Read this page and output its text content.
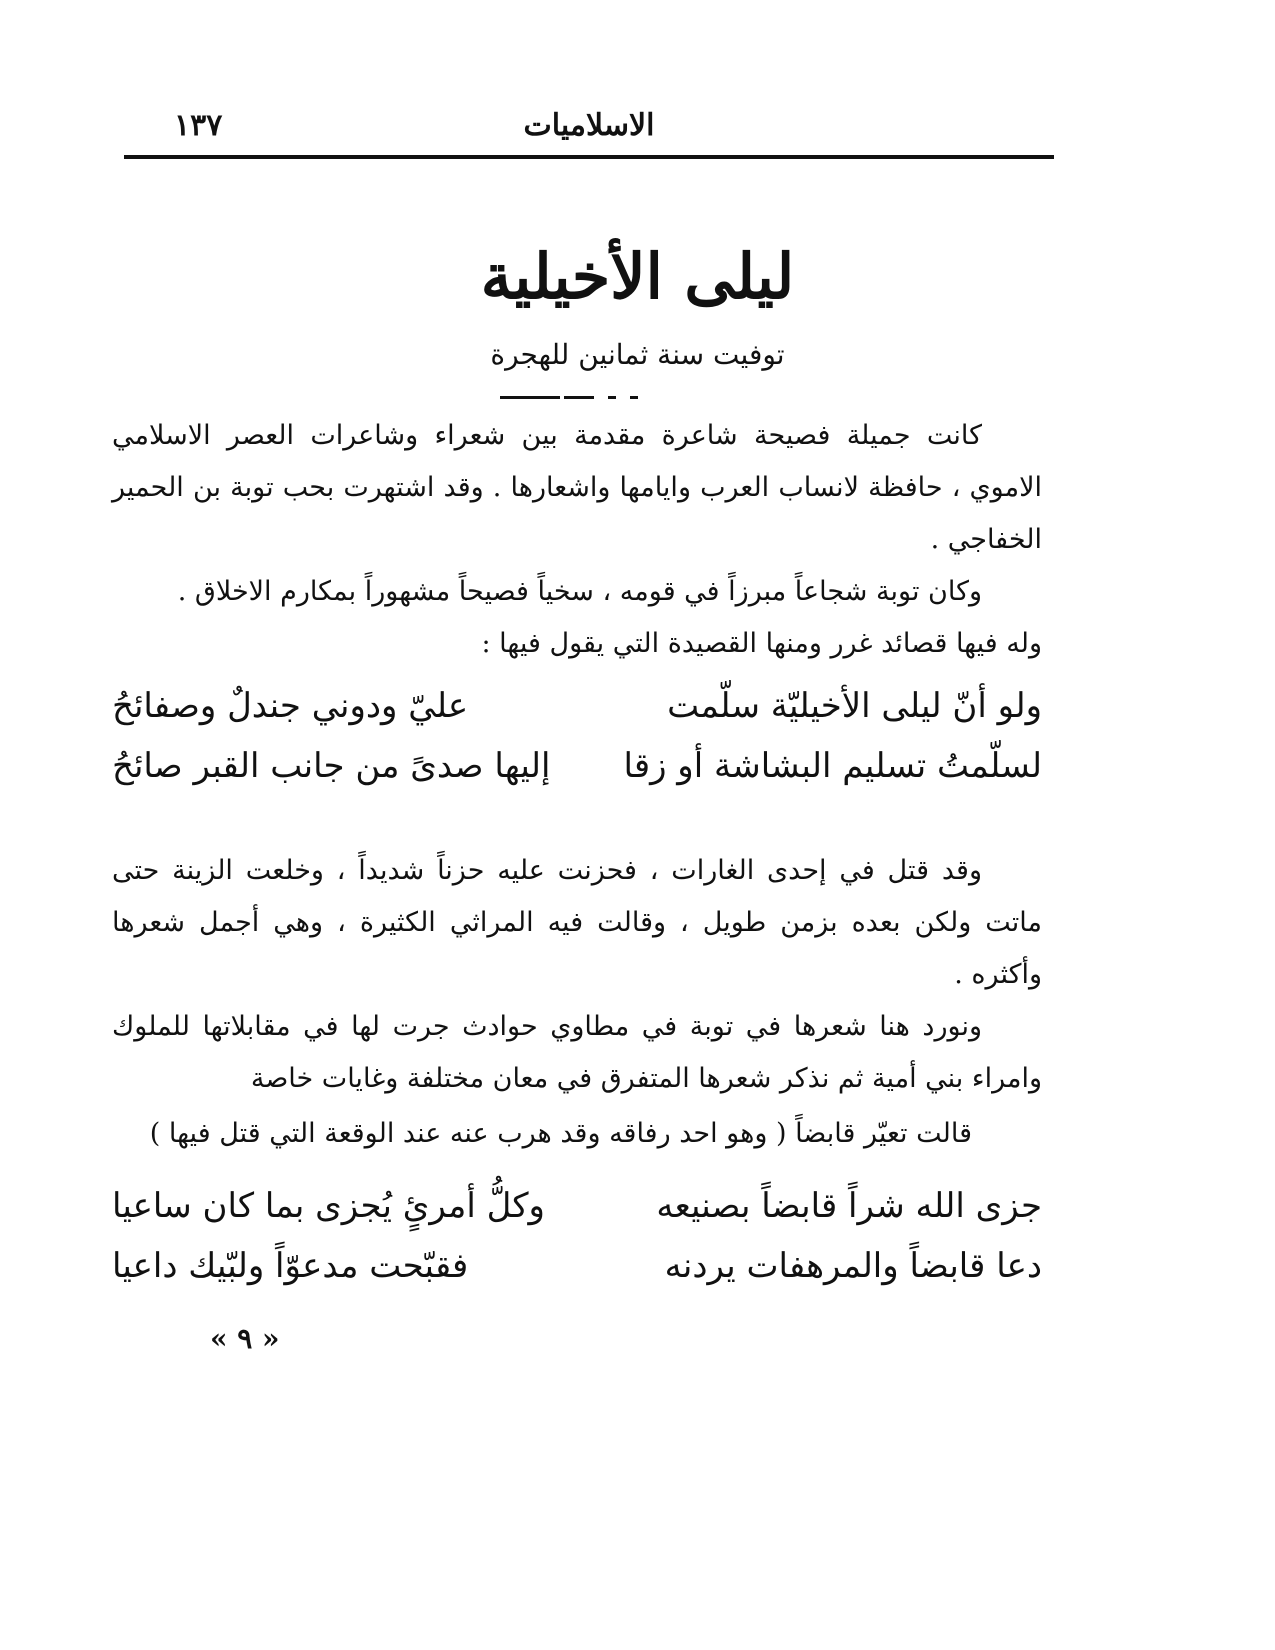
الاسلاميات
١٣٧
ليلى الأخيلية
توفيت سنة ثمانين للهجرة

كانت جميلة فصيحة شاعرة مقدمة بين شعراء وشاعرات العصر الاسلامي الاموي ، حافظة لانساب العرب وايامها واشعارها . وقد اشتهرت بحب توبة بن الحمير الخفاجي .

وكان توبة شجاعاً مبرزاً في قومه ، سخياً فصيحاً مشهوراً بمكارم الاخلاق .

وله فيها قصائد غرر ومنها القصيدة التي يقول فيها :

ولو أنّ ليلى الأخيليّة سلّمت
عليّ ودوني جندلٌ وصفائحُ
لسلّمتُ تسليم البشاشة أو زقا
إليها صدىً من جانب القبر صائحُ

وقد قتل في إحدى الغارات ، فحزنت عليه حزناً شديداً ، وخلعت الزينة حتى ماتت ولكن بعده بزمن طويل ، وقالت فيه المراثي الكثيرة ، وهي أجمل شعرها وأكثره .

ونورد هنا شعرها في توبة في مطاوي حوادث جرت لها في مقابلاتها للملوك وامراء بني أمية ثم نذكر شعرها المتفرق في معان مختلفة وغايات خاصة

قالت تعيّر قابضاً ( وهو احد رفاقه وقد هرب عنه عند الوقعة التي قتل فيها )
جزى الله شراً قابضاً بصنيعه
وكلُّ أمرئٍ يُجزى بما كان ساعيا
دعا قابضاً والمرهفات يردنه
فقبّحت مدعوّاً ولبّيك داعيا
« ٩ »
